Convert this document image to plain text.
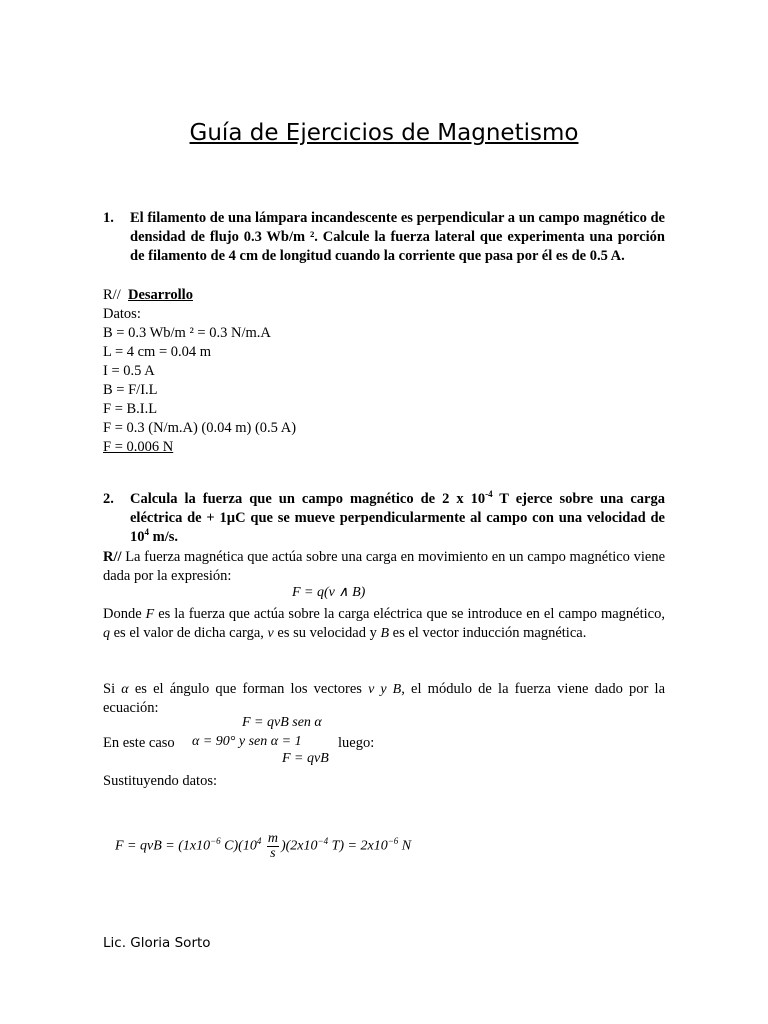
Guía de Ejercicios de Magnetismo
1. El filamento de una lámpara incandescente es perpendicular a un campo magnético de densidad de flujo 0.3 Wb/m ². Calcule la fuerza lateral que experimenta una porción de filamento de 4 cm de longitud cuando la corriente que pasa por él es de 0.5 A.
R// Desarrollo
Datos:
B = 0.3 Wb/m ² = 0.3 N/m.A
L = 4 cm = 0.04 m
I = 0.5 A
B = F/I.L
F = B.I.L
F = 0.3 (N/m.A) (0.04 m) (0.5 A)
F = 0.006 N
2. Calcula la fuerza que un campo magnético de 2 x $10^{-4}$ T ejerce sobre una carga eléctrica de + 1µC que se mueve perpendicularmente al campo con una velocidad de $10^4$ m/s.
R// La fuerza magnética que actúa sobre una carga en movimiento en un campo magnético viene dada por la expresión:
F = q(v ∧ B)
Donde F es la fuerza que actúa sobre la carga eléctrica que se introduce en el campo magnético, q es el valor de dicha carga, v es su velocidad y B es el vector inducción magnética.
Si α es el ángulo que forman los vectores v y B, el módulo de la fuerza viene dado por la ecuación:
F = qvB sen α
En este caso α = 90° y sen α = 1	luego:
F = qvB
Sustituyendo datos:
F = qvB = ($1x10^{-6}$ $C)(10^4 \frac{m}{s} )(2x10^{-4}$ $T) = 2x10^{-6}$ N
Lic. Gloria Sorto
